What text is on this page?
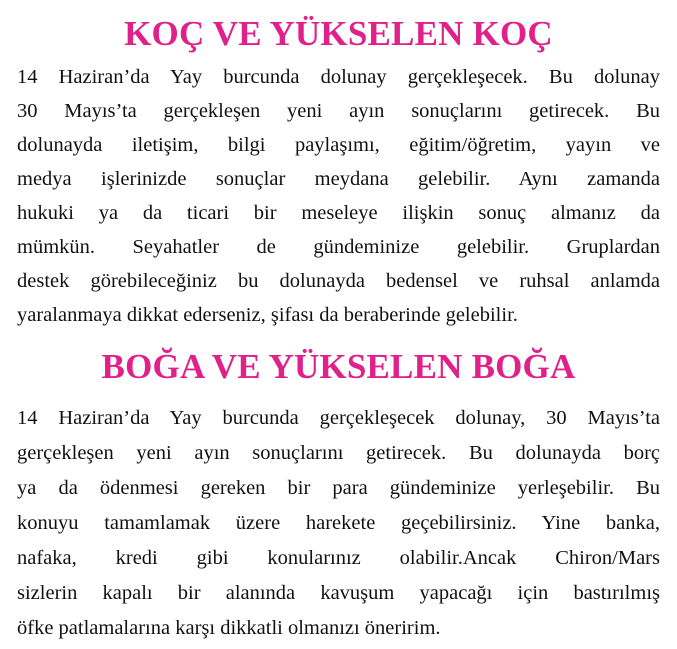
KOÇ VE YÜKSELEN KOÇ
14 Haziran’da Yay burcunda dolunay gerçekleşecek. Bu dolunay
30 Mayıs’ta gerçekleşen yeni ayın sonuçlarını getirecek. Bu
dolunayda iletişim, bilgi paylaşımı, eğitim/öğretim, yayın ve
medya işlerinizde sonuçlar meydana gelebilir. Aynı zamanda
hukuki ya da ticari bir meseleye ilişkin sonuç almanız da
mümkün. Seyahatler de gündeminize gelebilir. Gruplardan
destek görebileceğiniz bu dolunayda bedensel ve ruhsal anlamda
yaralanmaya dikkat ederseniz, şifası da beraberinde gelebilir.
BOĞA VE YÜKSELEN BOĞA
14 Haziran’da Yay burcunda gerçekleşecek dolunay, 30 Mayıs’ta
gerçekleşen yeni ayın sonuçlarını getirecek. Bu dolunayda borç
ya da ödenmesi gereken bir para gündeminize yerleşebilir. Bu
konuyu tamamlamak üzere harekete geçebilirsiniz. Yine banka,
nafaka, kredi gibi konularınız olabilir.Ancak Chiron/Mars
sizlerin kapalı bir alanında kavuşum yapacağı için bastırılmış
öfke patlamalarına karşı dikkatli olmanızı öneririm.
